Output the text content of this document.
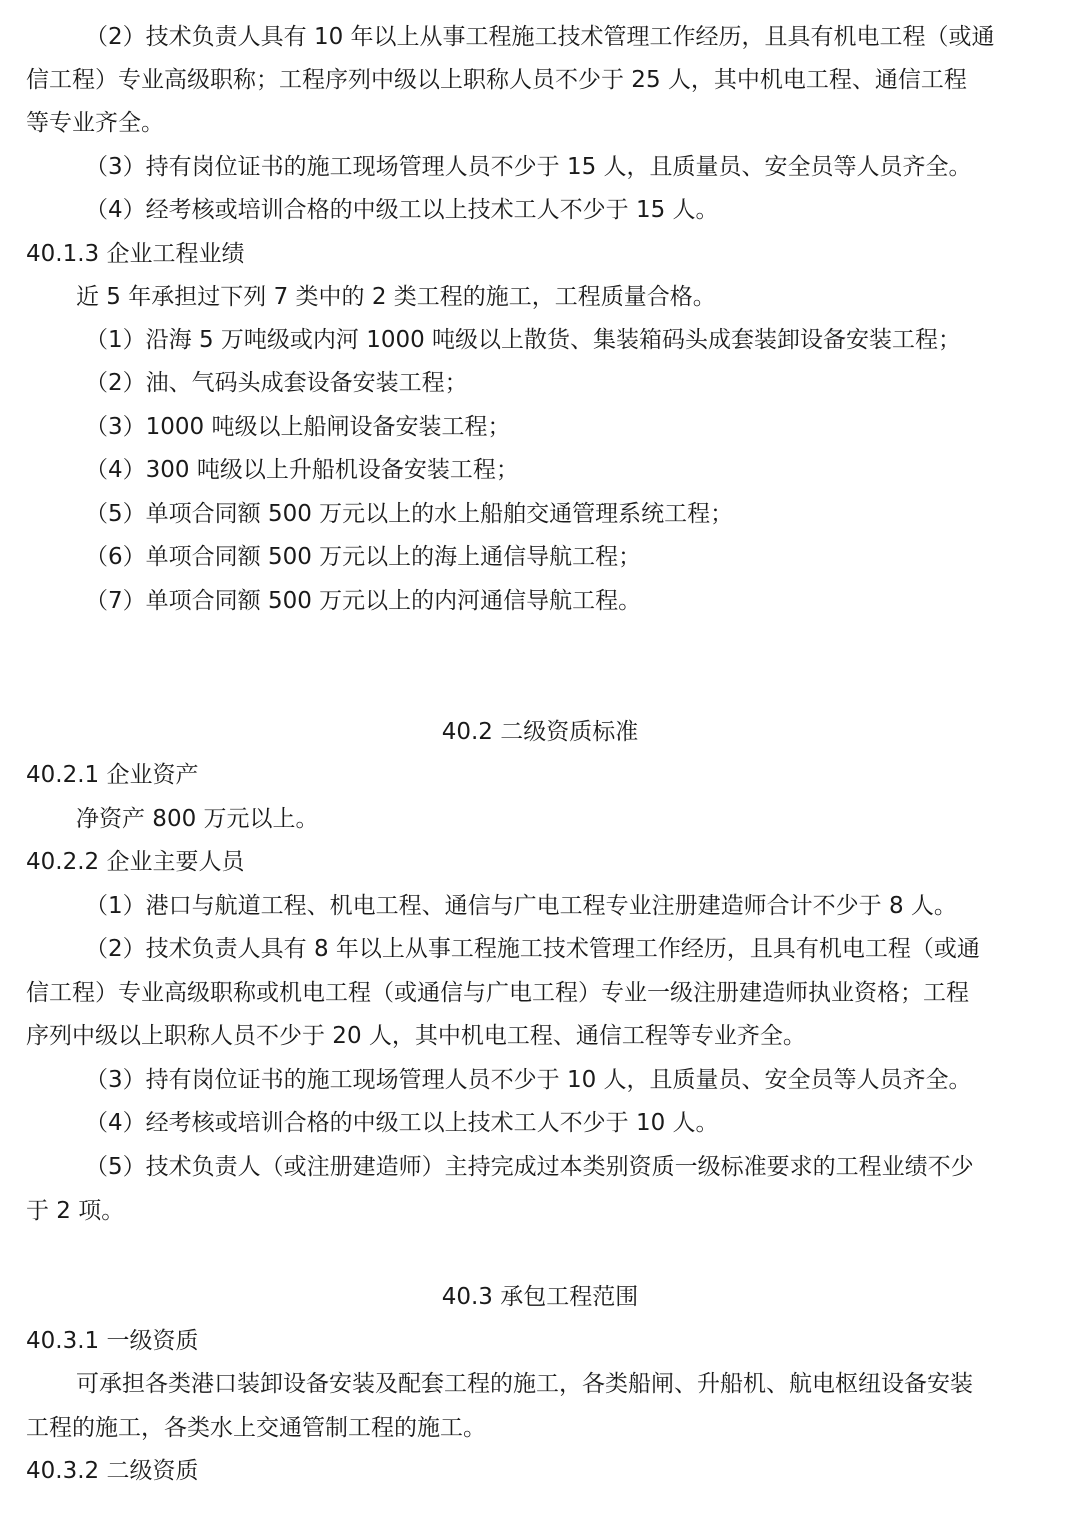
（2）技术负责人具有 10 年以上从事工程施工技术管理工作经历，且具有机电工程（或通
信工程）专业高级职称；工程序列中级以上职称人员不少于 25 人，其中机电工程、通信工程
等专业齐全。
（3）持有岗位证书的施工现场管理人员不少于 15 人，且质量员、安全员等人员齐全。
（4）经考核或培训合格的中级工以上技术工人不少于 15 人。
40.1.3 企业工程业绩
近 5 年承担过下列 7 类中的 2 类工程的施工，工程质量合格。
（1）沿海 5 万吨级或内河 1000 吨级以上散货、集装箱码头成套装卸设备安装工程；
（2）油、气码头成套设备安装工程；
（3）1000 吨级以上船闸设备安装工程；
（4）300 吨级以上升船机设备安装工程；
（5）单项合同额 500 万元以上的水上船舶交通管理系统工程；
（6）单项合同额 500 万元以上的海上通信导航工程；
（7）单项合同额 500 万元以上的内河通信导航工程。
40.2 二级资质标准
40.2.1 企业资产
净资产 800 万元以上。
40.2.2 企业主要人员
（1）港口与航道工程、机电工程、通信与广电工程专业注册建造师合计不少于 8 人。
（2）技术负责人具有 8 年以上从事工程施工技术管理工作经历，且具有机电工程（或通
信工程）专业高级职称或机电工程（或通信与广电工程）专业一级注册建造师执业资格；工程
序列中级以上职称人员不少于 20 人，其中机电工程、通信工程等专业齐全。
（3）持有岗位证书的施工现场管理人员不少于 10 人，且质量员、安全员等人员齐全。
（4）经考核或培训合格的中级工以上技术工人不少于 10 人。
（5）技术负责人（或注册建造师）主持完成过本类别资质一级标准要求的工程业绩不少
于 2 项。
40.3 承包工程范围
40.3.1 一级资质
可承担各类港口装卸设备安装及配套工程的施工，各类船闸、升船机、航电枢纽设备安装
工程的施工，各类水上交通管制工程的施工。
40.3.2 二级资质
